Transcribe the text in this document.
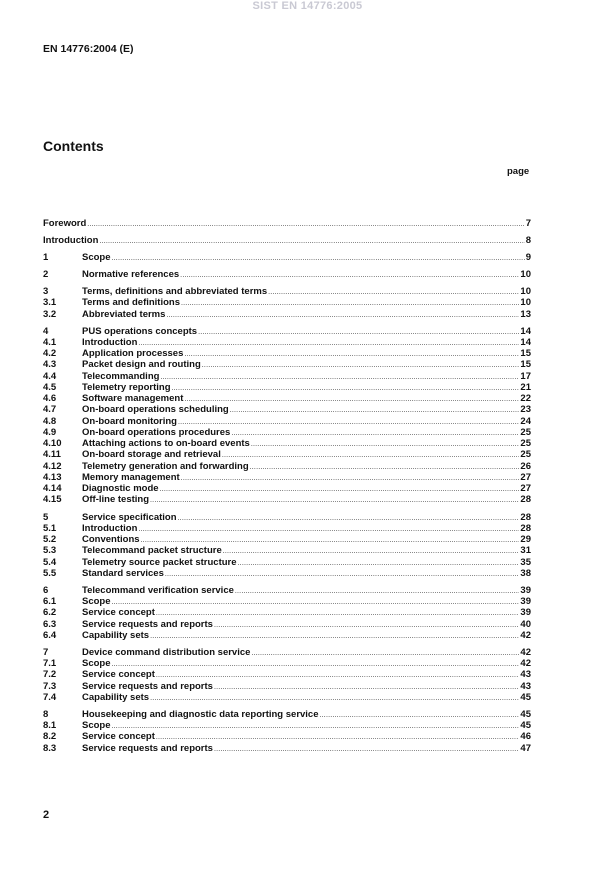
SIST EN 14776:2005
EN 14776:2004 (E)
Contents
page
Foreword .....	7
Introduction .....	8
1	Scope .....	9
2	Normative references .....	10
3	Terms, definitions and abbreviated terms .....	10
3.1	Terms and definitions .....	10
3.2	Abbreviated terms .....	13
4	PUS operations concepts .....	14
4.1	Introduction .....	14
4.2	Application processes .....	15
4.3	Packet design and routing .....	15
4.4	Telecommanding .....	17
4.5	Telemetry reporting .....	21
4.6	Software management .....	22
4.7	On-board operations scheduling .....	23
4.8	On-board monitoring .....	24
4.9	On-board operations procedures .....	25
4.10	Attaching actions to on-board events .....	25
4.11	On-board storage and retrieval .....	25
4.12	Telemetry generation and forwarding .....	26
4.13	Memory management .....	27
4.14	Diagnostic mode .....	27
4.15	Off-line testing .....	28
5	Service specification .....	28
5.1	Introduction .....	28
5.2	Conventions .....	29
5.3	Telecommand packet structure .....	31
5.4	Telemetry source packet structure .....	35
5.5	Standard services .....	38
6	Telecommand verification service .....	39
6.1	Scope .....	39
6.2	Service concept .....	39
6.3	Service requests and reports .....	40
6.4	Capability sets .....	42
7	Device command distribution service .....	42
7.1	Scope .....	42
7.2	Service concept .....	43
7.3	Service requests and reports .....	43
7.4	Capability sets .....	45
8	Housekeeping and diagnostic data reporting service .....	45
8.1	Scope .....	45
8.2	Service concept .....	46
8.3	Service requests and reports .....	47
2
